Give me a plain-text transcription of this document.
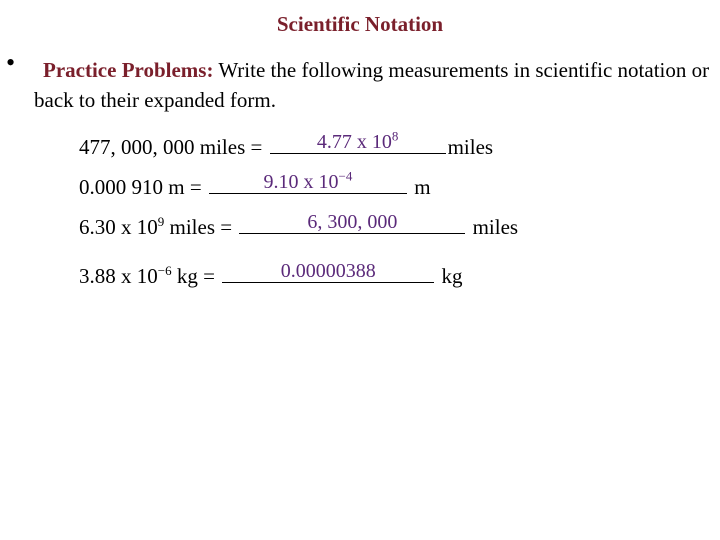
Scientific Notation
•	Practice Problems: Write the following measurements in scientific notation or back to their expanded form.
477, 000, 000 miles =	4.77 x $10^8$	miles
0.000 910 m =	9.10 x $10^{-4}$	m
6.30 x $10^9$ miles =	6, 300, 000	miles
3.88 x $10^{-6}$ kg =	0.00000388	kg
